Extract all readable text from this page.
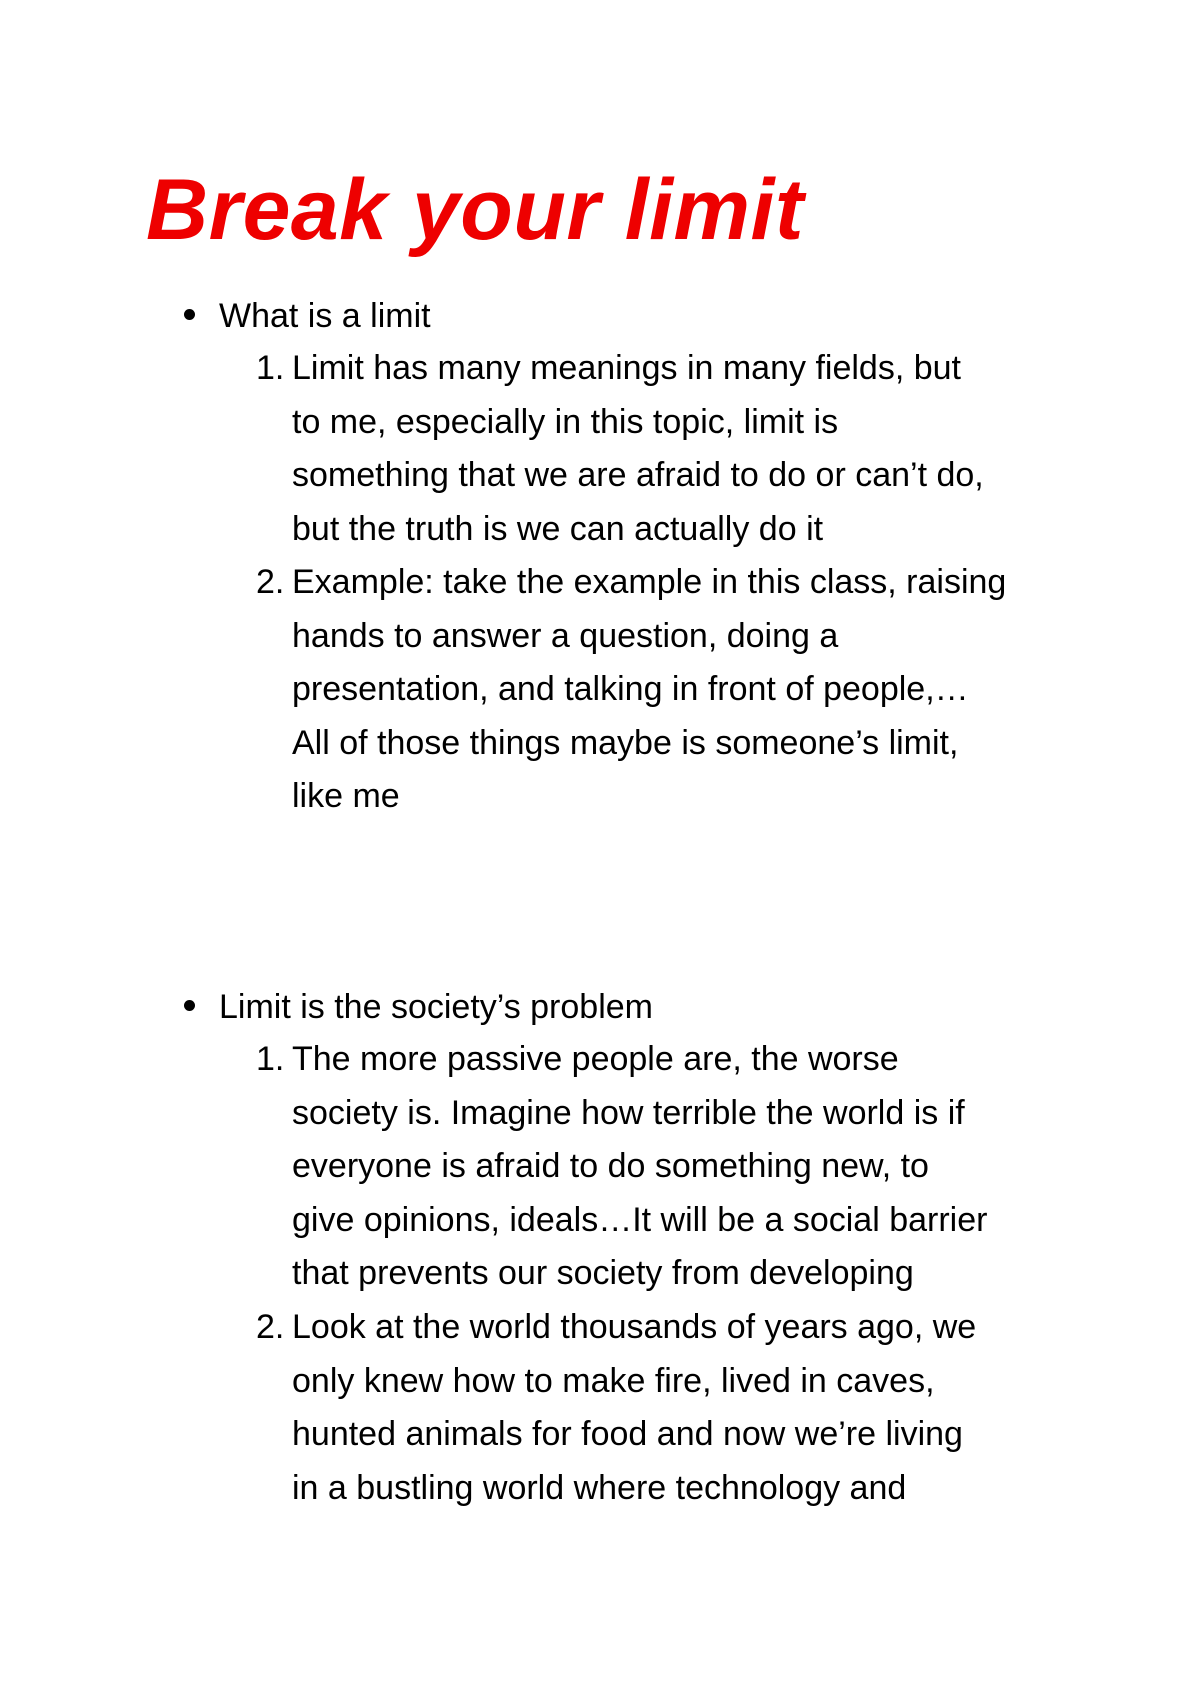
Break your limit
What is a limit
1. Limit has many meanings in many fields, but
to me, especially in this topic, limit is
something that we are afraid to do or can’t do,
but the truth is we can actually do it
2. Example: take the example in this class, raising
hands to answer a question, doing a
presentation, and talking in front of people,…
All of those things maybe is someone’s limit,
like me
Limit is the society’s problem
1. The more passive people are, the worse
society is. Imagine how terrible the world is if
everyone is afraid to do something new, to
give opinions, ideals…It will be a social barrier
that prevents our society from developing
2. Look at the world thousands of years ago, we
only knew how to make fire, lived in caves,
hunted animals for food and now we’re living
in a bustling world where technology and
